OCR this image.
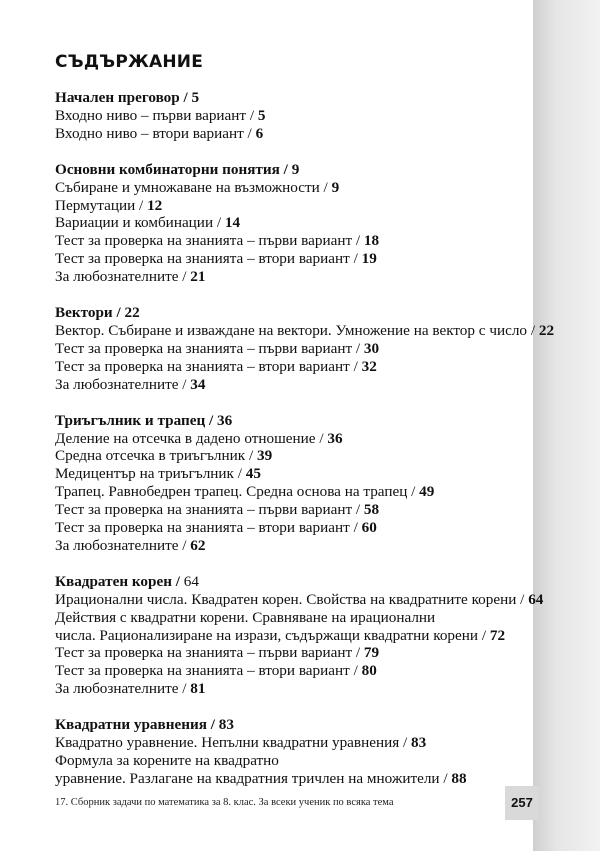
СЪДЪРЖАНИЕ
Начален преговор / 5
Входно ниво – първи вариант / 5
Входно ниво – втори вариант / 6
Основни комбинаторни понятия / 9
Събиране и умножаване на възможности / 9
Пермутации / 12
Вариации и комбинации / 14
Тест за проверка на знанията – първи вариант / 18
Тест за проверка на знанията – втори вариант / 19
За любознателните / 21
Вектори / 22
Вектор. Събиране и изваждане на вектори. Умножение на вектор с число / 22
Тест за проверка на знанията – първи вариант / 30
Тест за проверка на знанията – втори вариант / 32
За любознателните / 34
Триъгълник и трапец / 36
Деление на отсечка в дадено отношение / 36
Средна отсечка в триъгълник / 39
Медицентър на триъгълник / 45
Трапец. Равнобедрен трапец. Средна основа на трапец / 49
Тест за проверка на знанията – първи вариант / 58
Тест за проверка на знанията – втори вариант / 60
За любознателните / 62
Квадратен корен / 64
Ирационални числа. Квадратен корен. Свойства на квадратните корени / 64
Действия с квадратни корени. Сравняване на ирационални
числа. Рационализиране на изрази, съдържащи квадратни корени / 72
Тест за проверка на знанията – първи вариант / 79
Тест за проверка на знанията – втори вариант / 80
За любознателните / 81
Квадратни уравнения / 83
Квадратно уравнение. Непълни квадратни уравнения / 83
Формула за корените на квадратно
уравнение. Разлагане на квадратния тричлен на множители / 88
17. Сборник задачи по математика за 8. клас. За всеки ученик по всяка тема	257
